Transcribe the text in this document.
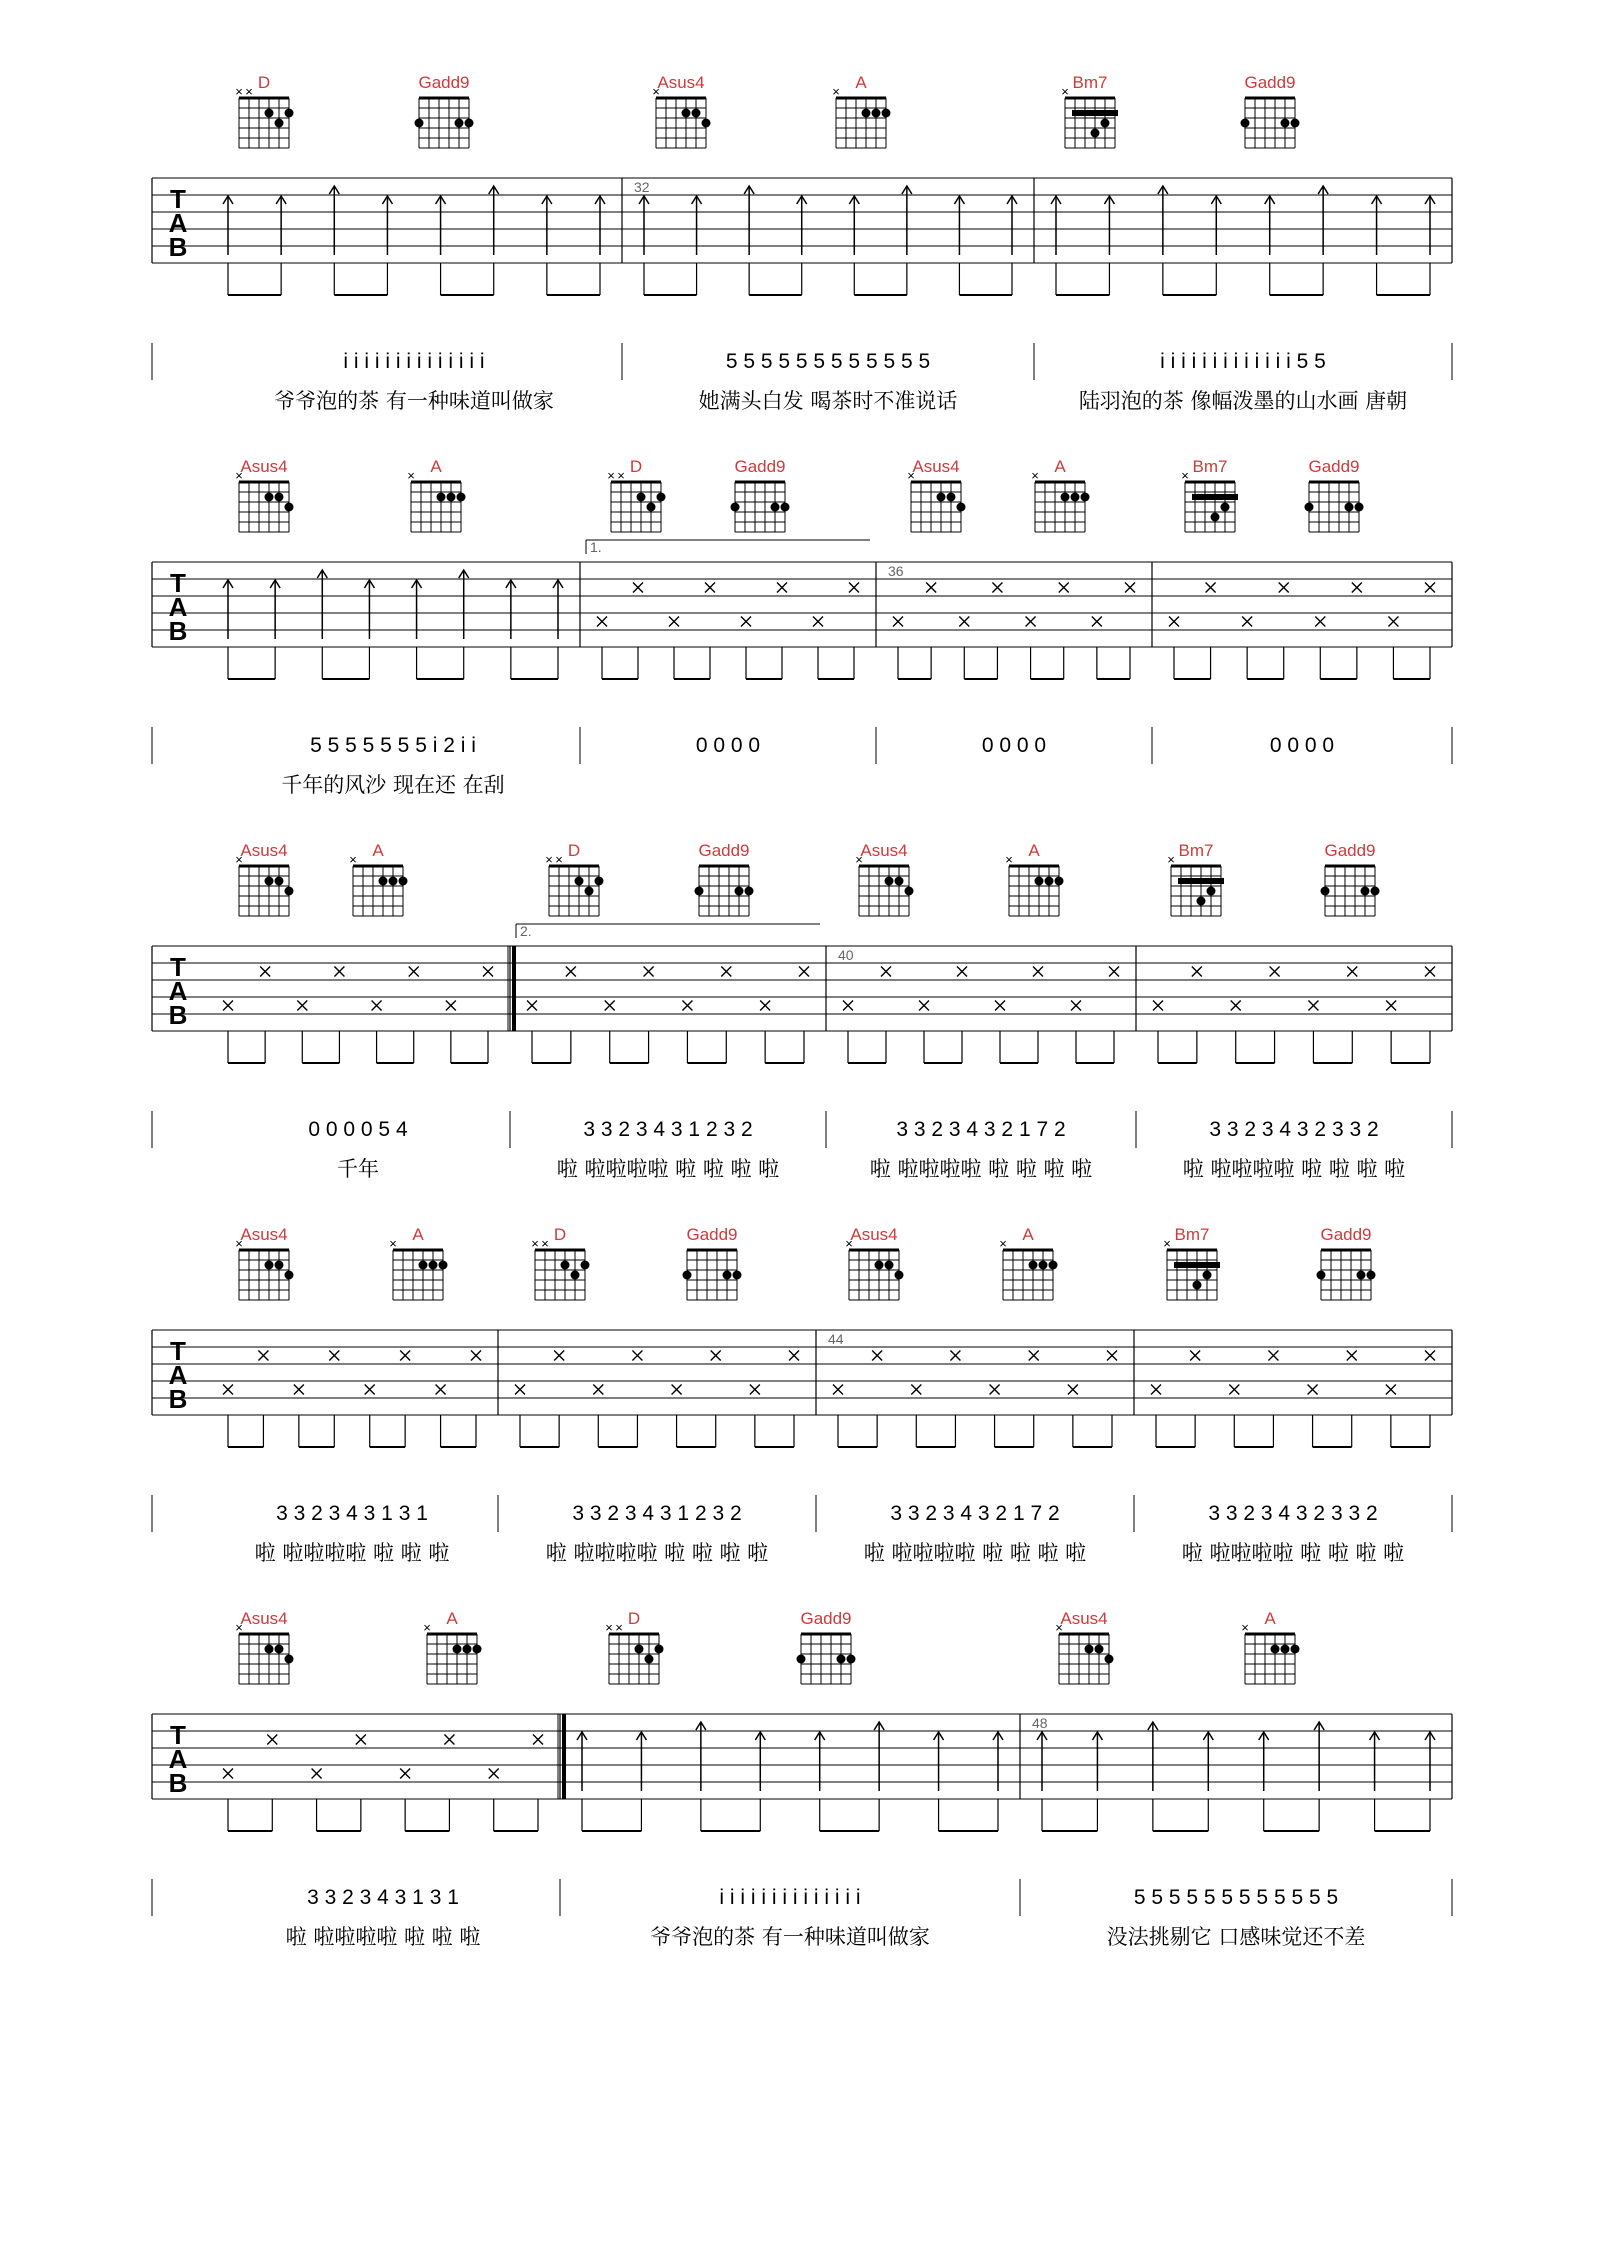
T
A
B
D
× ×	Gadd9	Asus4
×	A
×	Bm7
×	Gadd9
i i i i i i i i i i i i i i
爷爷泡的茶 有一种味道叫做家
32
5 5 5 5 5 5 5 5 5 5 5 5
她满头白发 喝茶时不准说话
i i i i i i i i i i i i i 5 5
陆羽泡的茶 像幅泼墨的山水画 唐朝
T
A
B
Asus4
×	A
×	D
× ×	Gadd9	Asus4
×	A
×	Bm7
×	Gadd9
5 5 5 5 5 5 5 i 2 i i
千年的风沙 现在还 在刮
1.
0 0 0 0
36
0 0 0 0	0 0 0 0
T
A
B
Asus4
×	A
×	D
× ×	Gadd9	Asus4
×	A
×	Bm7
×	Gadd9
0 0 0 0 5 4
千年
2.
3 3 2 3 4 3 1 2 3 2
啦 啦啦啦啦 啦 啦 啦 啦
40
3 3 2 3 4 3 2 1 7 2
啦 啦啦啦啦 啦 啦 啦 啦
3 3 2 3 4 3 2 3 3 2
啦 啦啦啦啦 啦 啦 啦 啦
T
A
B
Asus4
×	A
×	D
× ×	Gadd9	Asus4
×	A
×	Bm7
×	Gadd9
3 3 2 3 4 3 1 3 1
啦 啦啦啦啦 啦 啦 啦
3 3 2 3 4 3 1 2 3 2
啦 啦啦啦啦 啦 啦 啦 啦
44
3 3 2 3 4 3 2 1 7 2
啦 啦啦啦啦 啦 啦 啦 啦
3 3 2 3 4 3 2 3 3 2
啦 啦啦啦啦 啦 啦 啦 啦
T
A
B
Asus4
×	A
×	D
× ×	Gadd9	Asus4
×	A
×
3 3 2 3 4 3 1 3 1
啦 啦啦啦啦 啦 啦 啦
i i i i i i i i i i i i i i
爷爷泡的茶 有一种味道叫做家
48
5 5 5 5 5 5 5 5 5 5 5 5
没法挑剔它 口感味觉还不差
